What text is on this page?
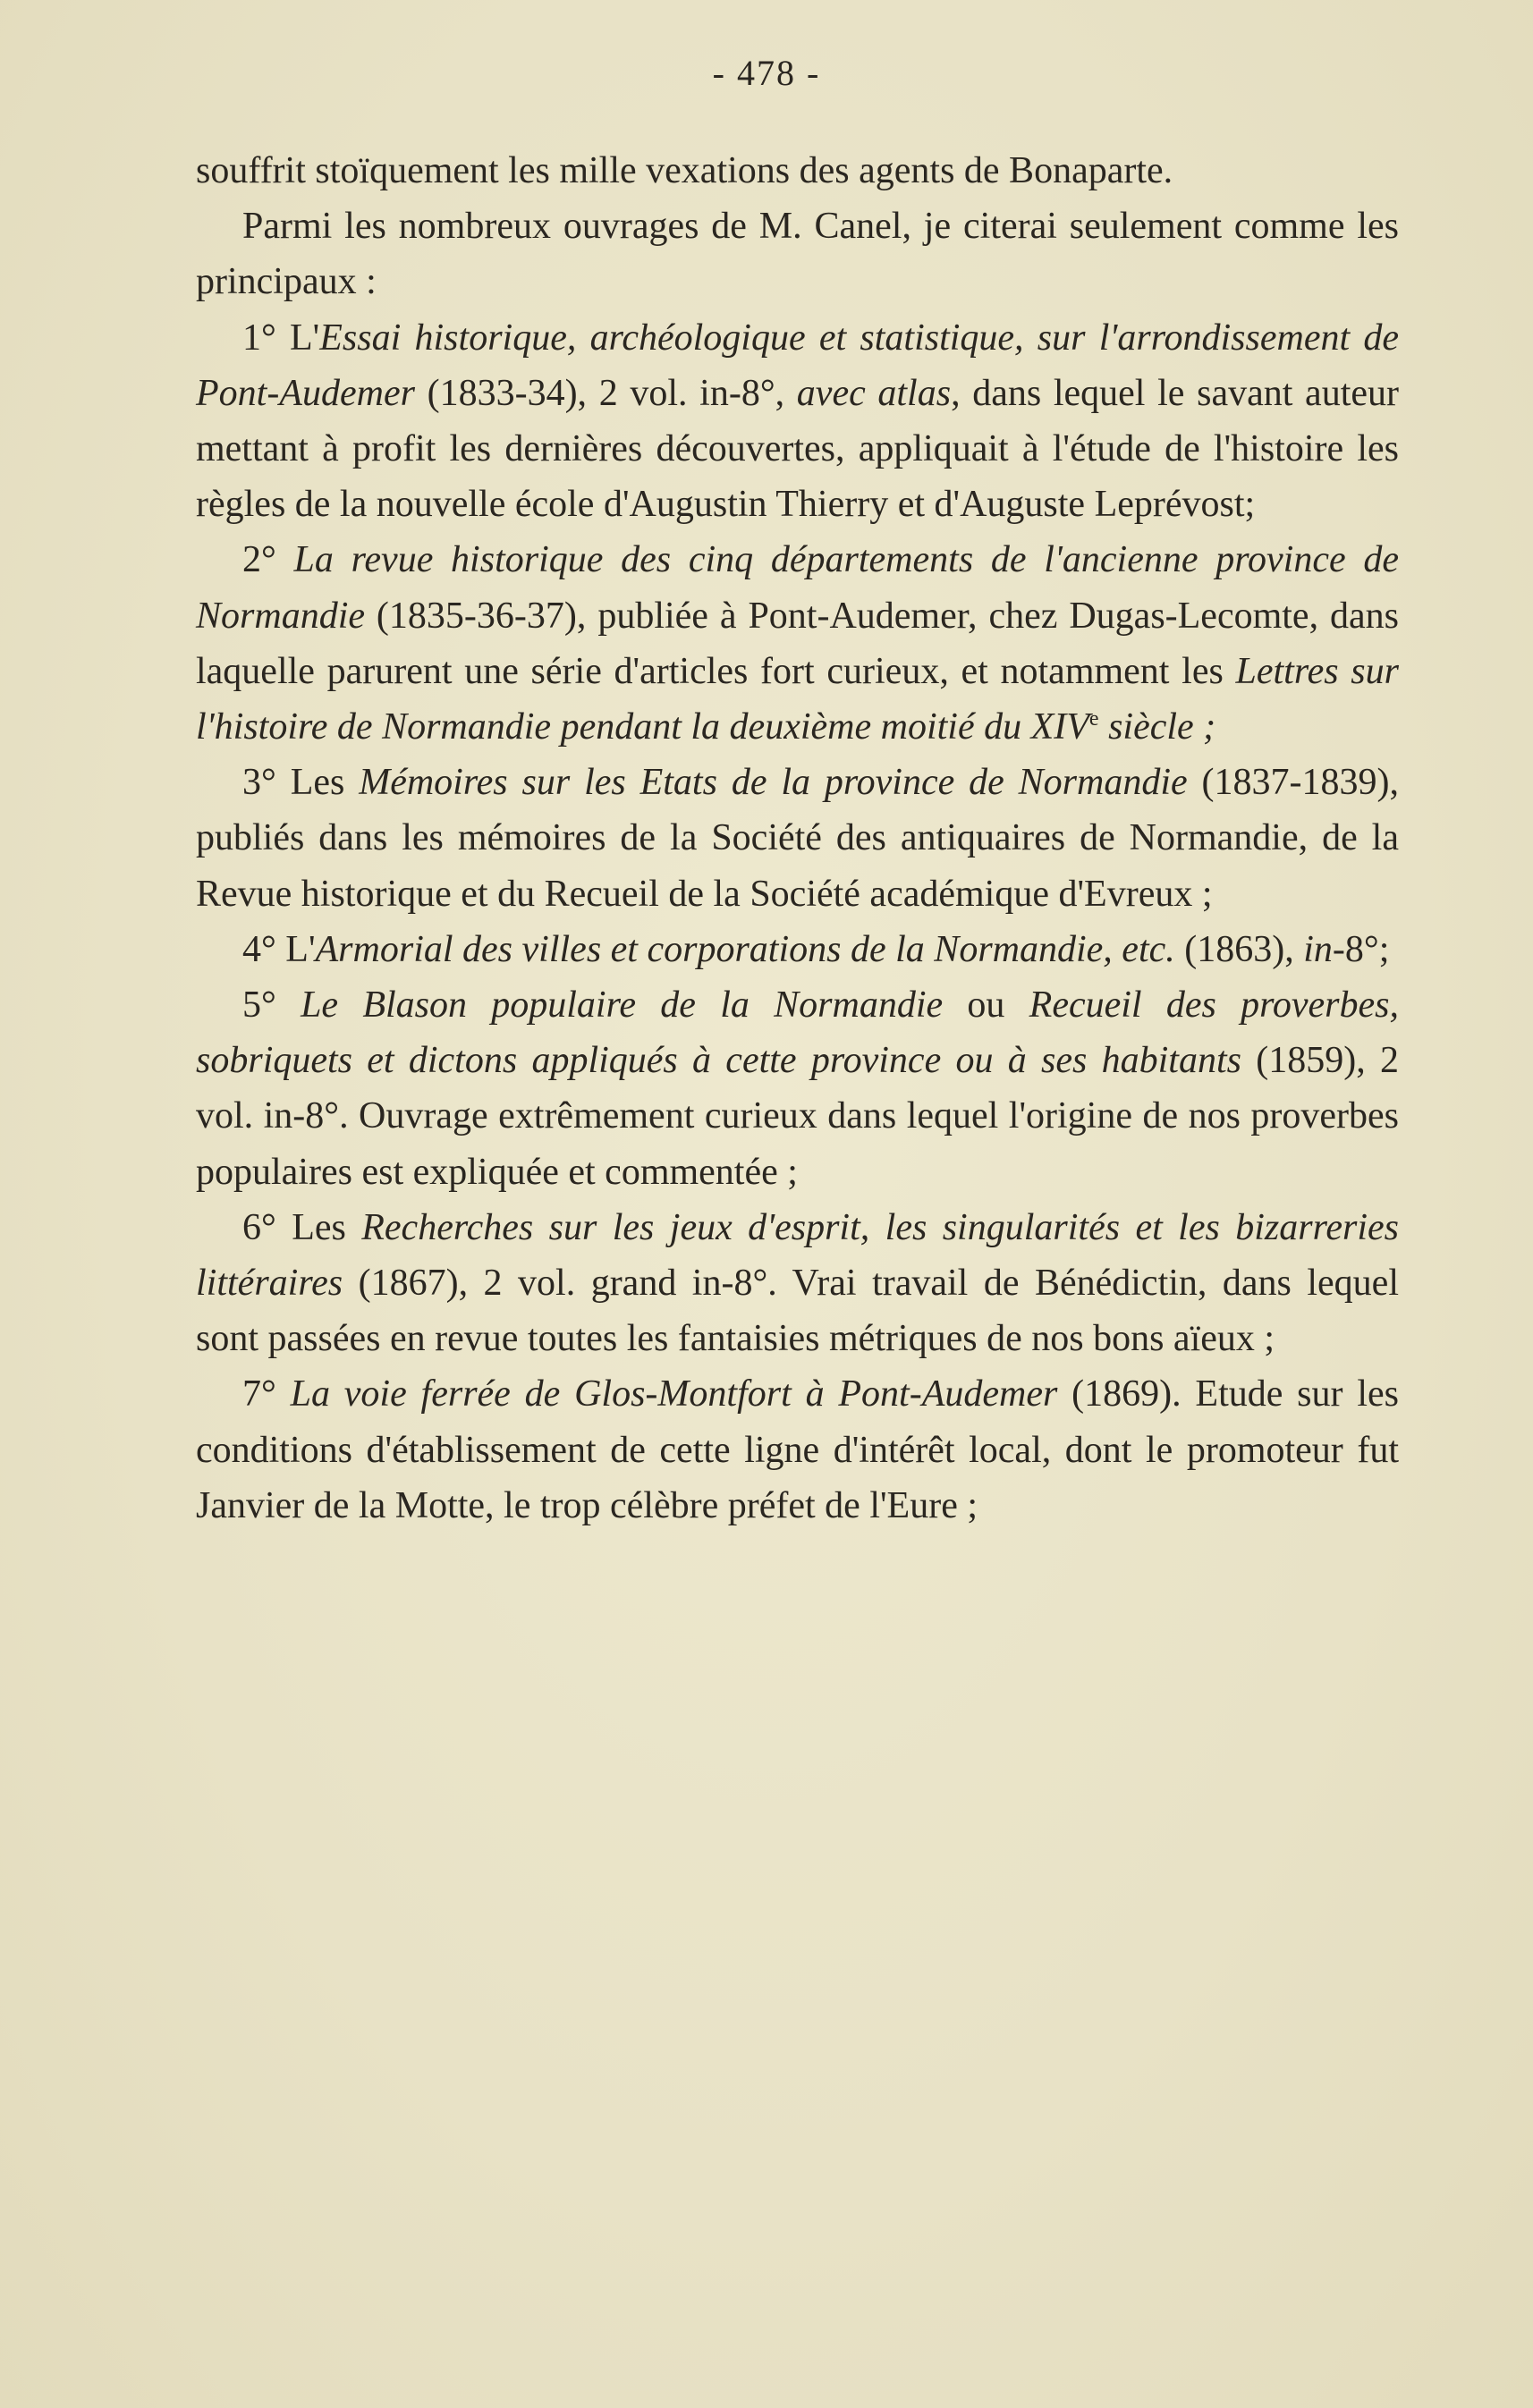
- 478 -

souffrit stoïquement les mille vexations des agents de Bonaparte.

Parmi les nombreux ouvrages de M. Canel, je citerai seulement comme les principaux :

1° L'Essai historique, archéologique et statistique, sur l'arrondissement de Pont-Audemer (1833-34), 2 vol. in-8°, avec atlas, dans lequel le savant auteur mettant à profit les dernières découvertes, appliquait à l'étude de l'histoire les règles de la nouvelle école d'Augustin Thierry et d'Auguste Leprévost;

2° La revue historique des cinq départements de l'ancienne province de Normandie (1835-36-37), publiée à Pont-Audemer, chez Dugas-Lecomte, dans laquelle parurent une série d'articles fort curieux, et notamment les Lettres sur l'histoire de Normandie pendant la deuxième moitié du XIVe siècle ;

3° Les Mémoires sur les Etats de la province de Normandie (1837-1839), publiés dans les mémoires de la Société des antiquaires de Normandie, de la Revue historique et du Recueil de la Société académique d'Evreux ;

4° L'Armorial des villes et corporations de la Normandie, etc. (1863), in-8°;

5° Le Blason populaire de la Normandie ou Recueil des proverbes, sobriquets et dictons appliqués à cette province ou à ses habitants (1859), 2 vol. in-8°. Ouvrage extrêmement curieux dans lequel l'origine de nos proverbes populaires est expliquée et commentée ;

6° Les Recherches sur les jeux d'esprit, les singularités et les bizarreries littéraires (1867), 2 vol. grand in-8°. Vrai travail de Bénédictin, dans lequel sont passées en revue toutes les fantaisies métriques de nos bons aïeux ;

7° La voie ferrée de Glos-Montfort à Pont-Audemer (1869). Etude sur les conditions d'établissement de cette ligne d'intérêt local, dont le promoteur fut Janvier de la Motte, le trop célèbre préfet de l'Eure ;
